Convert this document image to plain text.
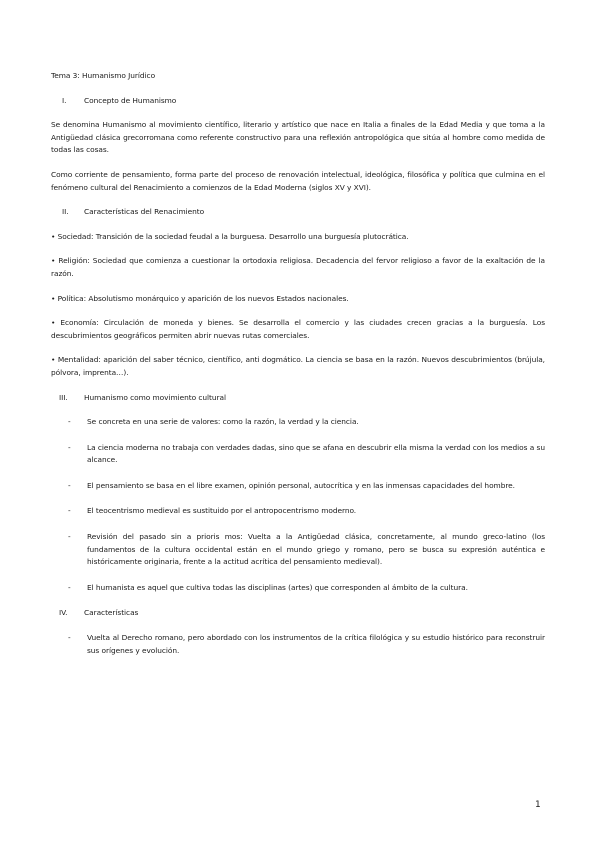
Tema 3: Humanismo Jurídico
I.	Concepto de Humanismo

Se denomina Humanismo al movimiento científico, literario y artístico que nace en Italia a finales de la Edad Media y que toma a la Antigüedad clásica grecorromana como referente constructivo para una reflexión antropológica que sitúa al hombre como medida de todas las cosas.

Como corriente de pensamiento, forma parte del proceso de renovación intelectual, ideológica, filosófica y política que culmina en el fenómeno cultural del Renacimiento a comienzos de la Edad Moderna (siglos XV y XVI).

II.	Características del Renacimiento

• Sociedad: Transición de la sociedad feudal a la burguesa. Desarrollo una burguesía plutocrática.

• Religión: Sociedad que comienza a cuestionar la ortodoxia religiosa. Decadencia del fervor religioso a favor de la exaltación de la razón.

• Política: Absolutismo monárquico y aparición de los nuevos Estados nacionales.

• Economía: Circulación de moneda y bienes. Se desarrolla el comercio y las ciudades crecen gracias a la burguesía. Los descubrimientos geográficos permiten abrir nuevas rutas comerciales.

• Mentalidad: aparición del saber técnico, científico, anti dogmático. La ciencia se basa en la razón. Nuevos descubrimientos (brújula, pólvora, imprenta…).

III.	Humanismo como movimiento cultural
-	Se concreta en una serie de valores: como la razón, la verdad y la ciencia.
-	La ciencia moderna no trabaja con verdades dadas, sino que se afana en descubrir ella misma la verdad con los medios a su alcance.
-	El pensamiento se basa en el libre examen, opinión personal, autocrítica y en las inmensas capacidades del hombre.
-	El teocentrismo medieval es sustituido por el antropocentrismo moderno.
-	Revisión del pasado sin a prioris mos: Vuelta a la Antigüedad clásica, concretamente, al mundo greco-latino (los fundamentos de la cultura occidental están en el mundo griego y romano, pero se busca su expresión auténtica e históricamente originaria, frente a la actitud acrítica del pensamiento medieval).
-	El humanista es aquel que cultiva todas las disciplinas (artes) que corresponden al ámbito de la cultura.
IV.	Características
-	Vuelta al Derecho romano, pero abordado con los instrumentos de la crítica filológica y su estudio histórico para reconstruir sus orígenes y evolución.
1
